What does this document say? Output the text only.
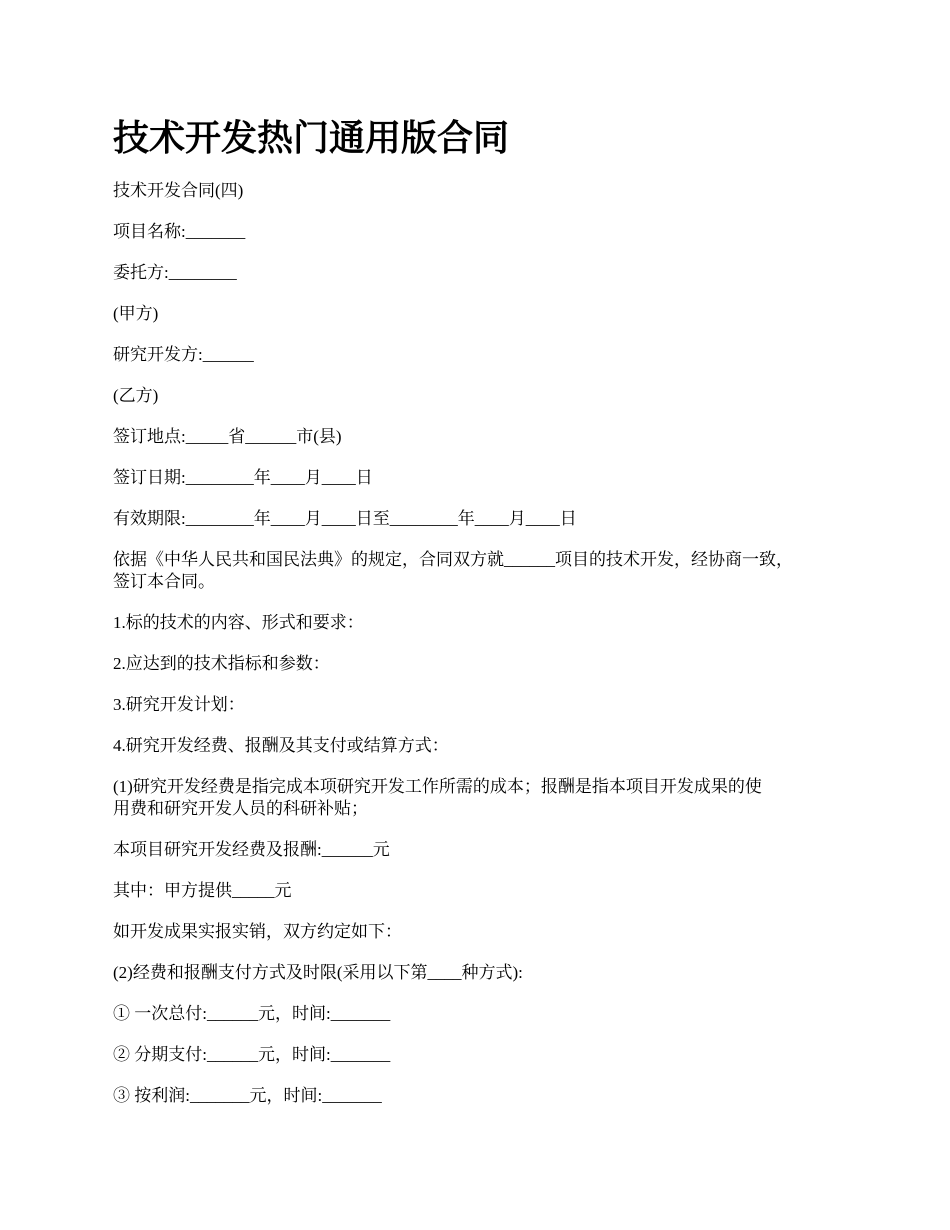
技术开发热门通用版合同

技术开发合同(四)

项目名称:_______

委托方:________

(甲方)

研究开发方:______

(乙方)

签订地点:_____省______市(县)

签订日期:________年____月____日

有效期限:________年____月____日至________年____月____日

依据《中华人民共和国民法典》的规定，合同双方就______项目的技术开发，经协商一致，
签订本合同。

1.标的技术的内容、形式和要求：

2.应达到的技术指标和参数：

3.研究开发计划：

4.研究开发经费、报酬及其支付或结算方式：

(1)研究开发经费是指完成本项研究开发工作所需的成本；报酬是指本项目开发成果的使
用费和研究开发人员的科研补贴；

本项目研究开发经费及报酬:______元

其中：甲方提供_____元

如开发成果实报实销，双方约定如下：

(2)经费和报酬支付方式及时限(采用以下第____种方式):

① 一次总付:______元，时间:_______

② 分期支付:______元，时间:_______

③ 按利润:_______元，时间:_______
